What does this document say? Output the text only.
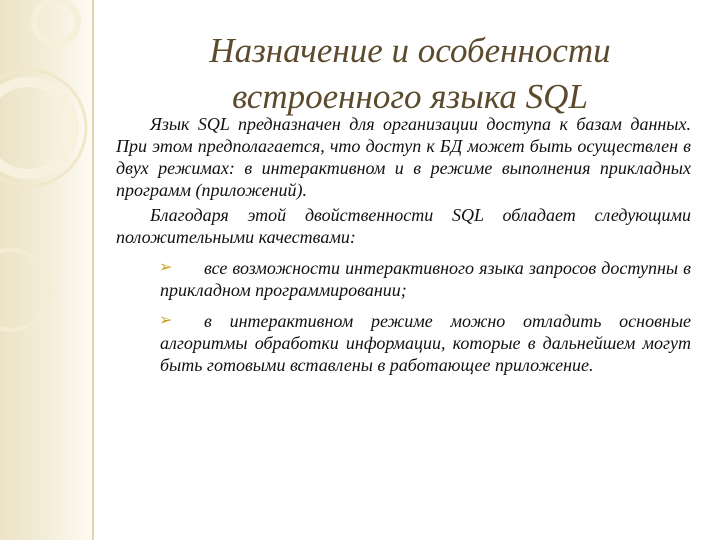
Назначение и особенности
встроенного языка SQL

Язык SQL предназначен для организации доступа к базам данных. При этом предполагается, что доступ к БД может быть осуществлен в двух режимах: в интерактивном и в режиме выполнения прикладных программ (приложений).

Благодаря этой двойственности SQL обладает следующими положительными качествами:

➢	все возможности интерактивного языка запросов доступны в прикладном программировании;
➢	в интерактивном режиме можно отладить основные алгоритмы обработки информации, которые в дальнейшем могут быть готовыми вставлены в работающее приложение.
